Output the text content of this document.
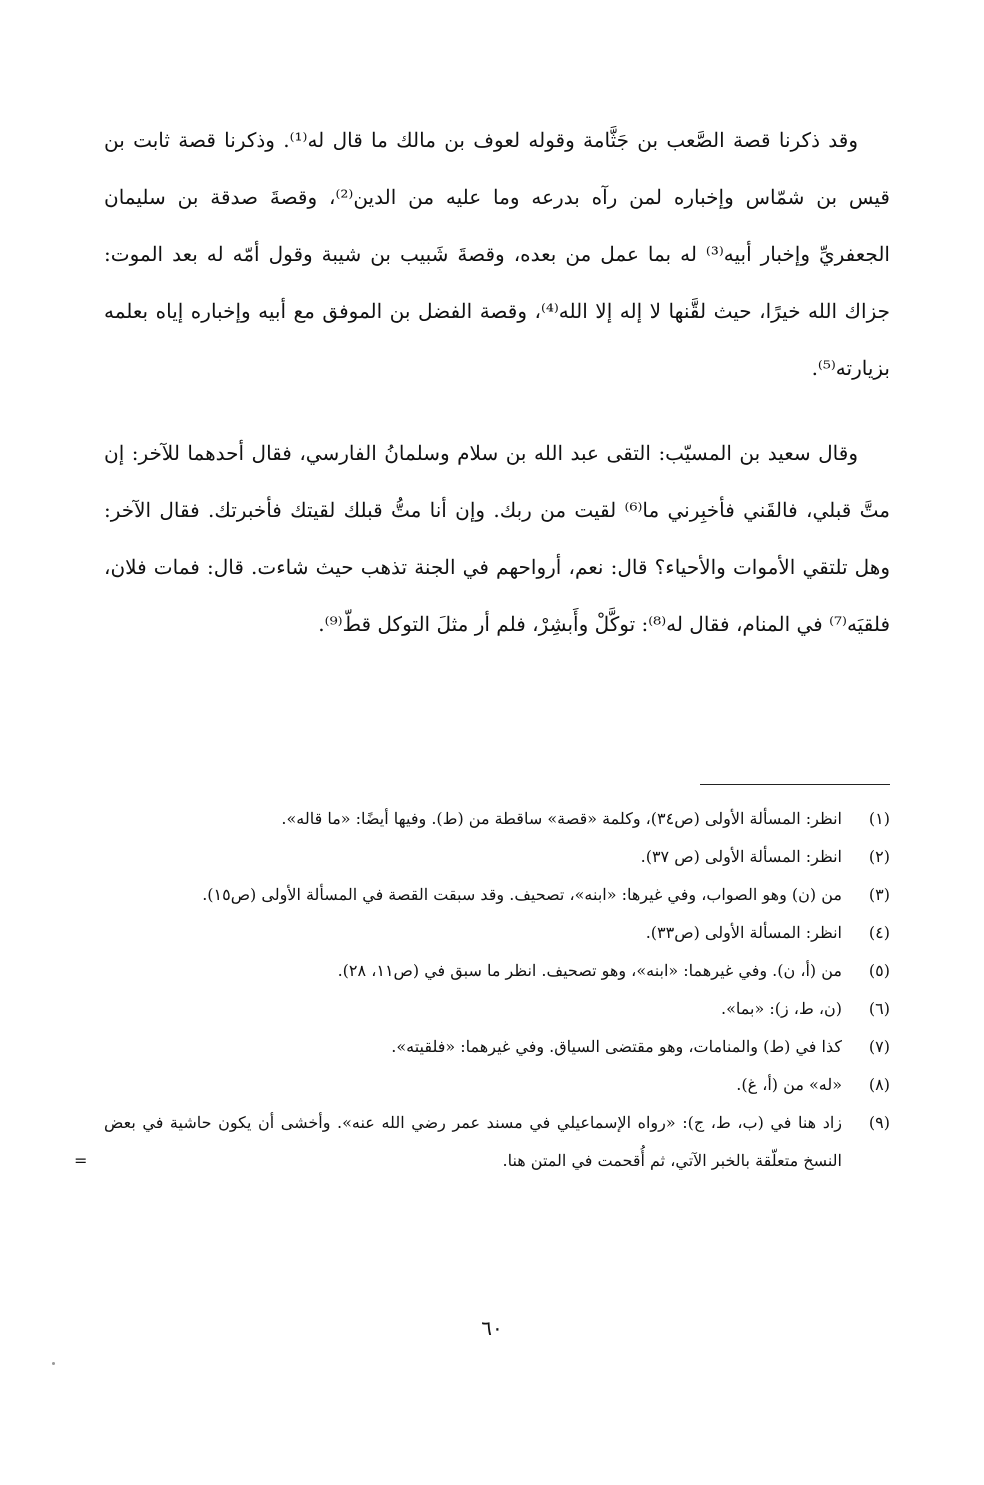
وقد ذكرنا قصة الصَّعب بن جَثَّامة وقوله لعوف بن مالك ما قال له⁽¹⁾. وذكرنا قصة ثابت بن قيس بن شمّاس وإخباره لمن رآه بدرعه وما عليه من الدين⁽²⁾، وقصةَ صدقة بن سليمان الجعفريِّ وإخبار أبيه⁽³⁾ له بما عمل من بعده، وقصةَ شَبيب بن شيبة وقول أمّه له بعد الموت: جزاك الله خيرًا، حيث لقَّنها لا إله إلا الله⁽⁴⁾، وقصة الفضل بن الموفق مع أبيه وإخباره إياه بعلمه بزيارته⁽⁵⁾.

وقال سعيد بن المسيّب: التقى عبد الله بن سلام وسلمانُ الفارسي، فقال أحدهما للآخر: إن متَّ قبلي، فالقَني فأخبِرني ما⁽⁶⁾ لقيت من ربك. وإن أنا متُّ قبلك لقيتك فأخبرتك. فقال الآخر: وهل تلتقي الأموات والأحياء؟ قال: نعم، أرواحهم في الجنة تذهب حيث شاءت. قال: فمات فلان، فلقيَه⁽⁷⁾ في المنام، فقال له⁽⁸⁾: توكَّلْ وأَبشِرْ، فلم أر مثلَ التوكل قطّ⁽⁹⁾.

(١)
انظر: المسألة الأولى (ص٣٤)، وكلمة «قصة» ساقطة من (ط). وفيها أيضًا: «ما قاله».
(٢)
انظر: المسألة الأولى (ص ٣٧).
(٣)
من (ن) وهو الصواب، وفي غيرها: «ابنه»، تصحيف. وقد سبقت القصة في المسألة الأولى (ص١٥).
(٤)
انظر: المسألة الأولى (ص٣٣).
(٥)
من (أ، ن). وفي غيرهما: «ابنه»، وهو تصحيف. انظر ما سبق في (ص١١، ٢٨).
(٦)
(ن، ط، ز): «بما».
(٧)
كذا في (ط) والمنامات، وهو مقتضى السياق. وفي غيرهما: «فلقيته».
(٨)
«له» من (أ، غ).
(٩)
زاد هنا في (ب، ط، ج): «رواه الإسماعيلي في مسند عمر رضي الله عنه». وأخشى أن يكون حاشية في بعض النسخ متعلّقة بالخبر الآتي، ثم أُقحمت في المتن هنا.
=
٦٠
